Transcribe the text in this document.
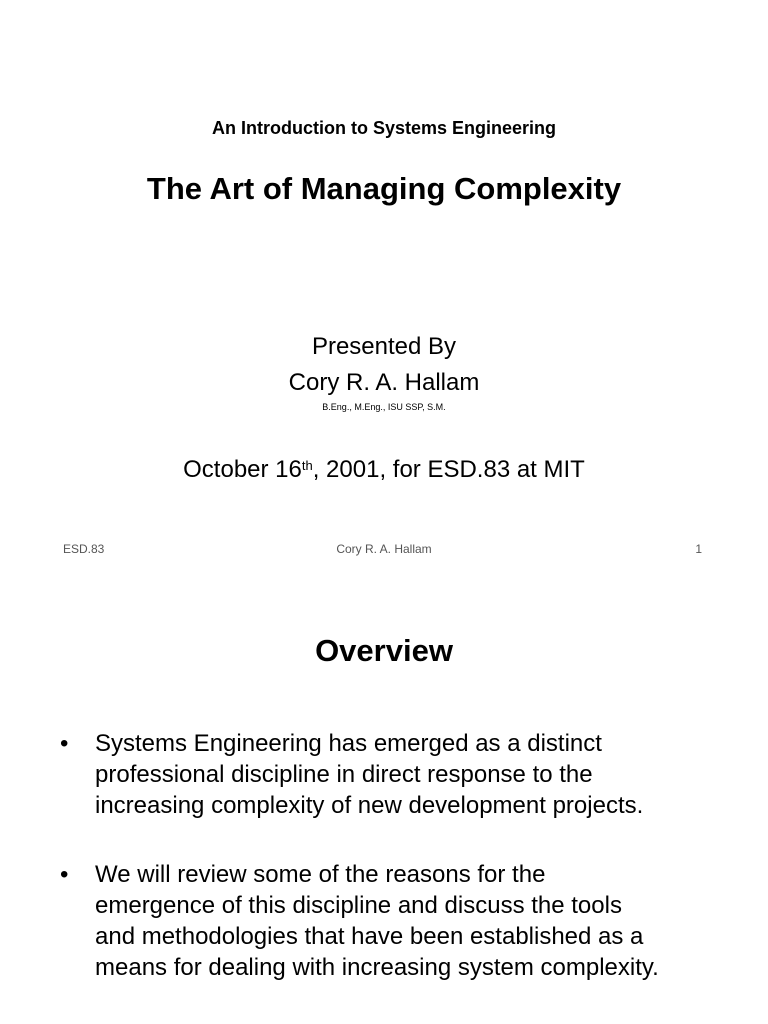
An Introduction to Systems Engineering
The Art of Managing Complexity
Presented By
Cory R. A. Hallam
B.Eng., M.Eng., ISU SSP, S.M.
October 16th, 2001, for ESD.83 at MIT
ESD.83	Cory R. A. Hallam	1
Overview
• Systems Engineering has emerged as a distinct
professional discipline in direct response to the
increasing complexity of new development projects.
• We will review some of the reasons for the
emergence of this discipline and discuss the tools
and methodologies that have been established as a
means for dealing with increasing system complexity.
